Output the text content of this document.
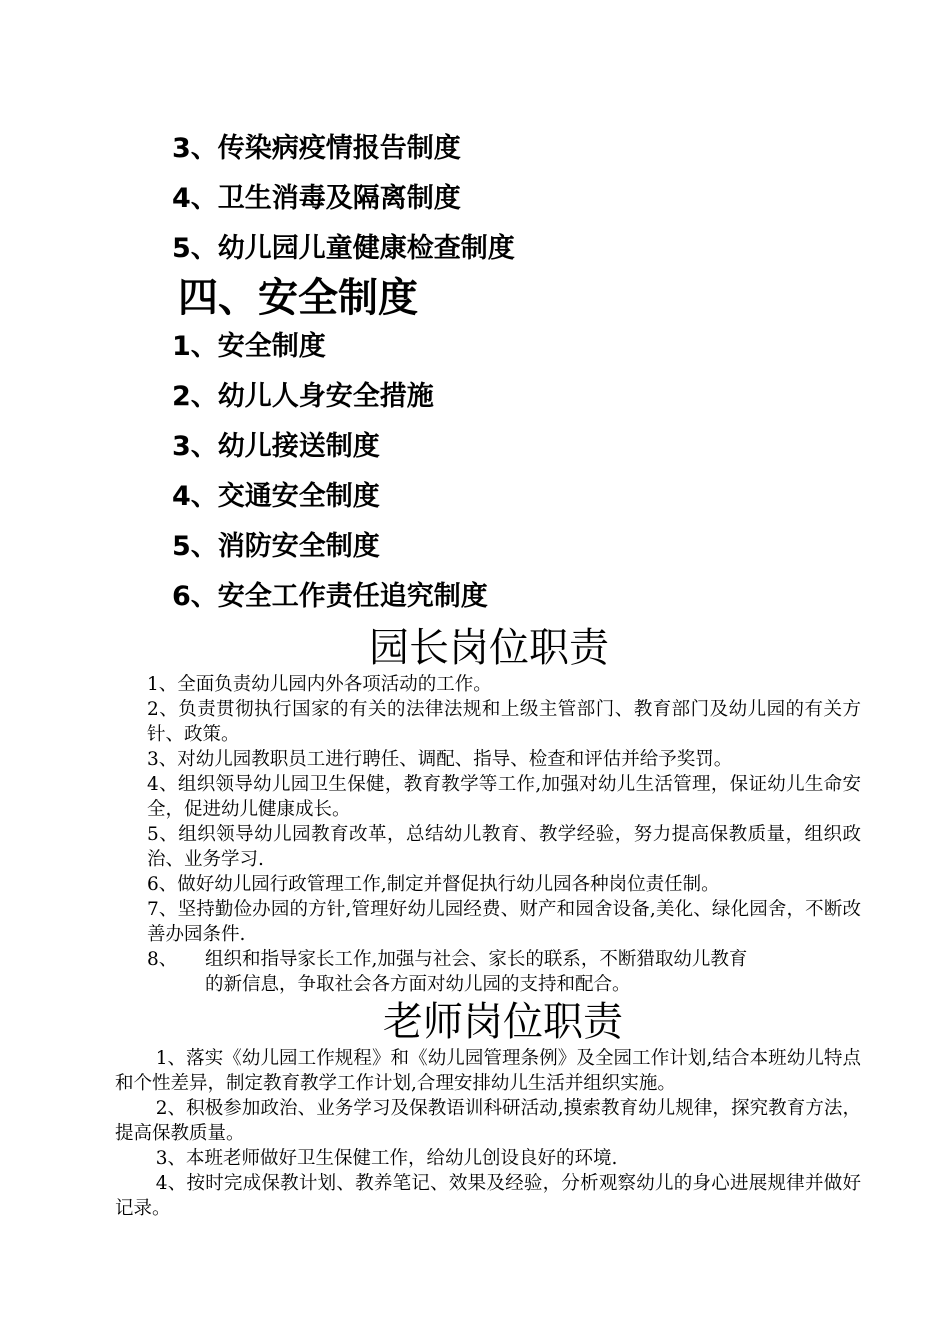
3、传染病疫情报告制度
4、卫生消毒及隔离制度
5、幼儿园儿童健康检查制度
四、安全制度
1、安全制度
2、幼儿人身安全措施
3、幼儿接送制度
4、交通安全制度
5、消防安全制度
6、安全工作责任追究制度
园长岗位职责

1、全面负责幼儿园内外各项活动的工作。

2、负责贯彻执行国家的有关的法律法规和上级主管部门、教育部门及幼儿园的有关方针、政策。

3、对幼儿园教职员工进行聘任、调配、指导、检查和评估并给予奖罚。

4、组织领导幼儿园卫生保健，教育教学等工作,加强对幼儿生活管理，保证幼儿生命安全，促进幼儿健康成长。

5、组织领导幼儿园教育改革，总结幼儿教育、教学经验，努力提高保教质量，组织政治、业务学习.

6、做好幼儿园行政管理工作,制定并督促执行幼儿园各种岗位责任制。

7、坚持勤俭办园的方针,管理好幼儿园经费、财产和园舍设备,美化、绿化园舍，不断改善办园条件.

8、 组织和指导家长工作,加强与社会、家长的联系，不断猎取幼儿教育
的新信息，争取社会各方面对幼儿园的支持和配合。
老师岗位职责

1、落实《幼儿园工作规程》和《幼儿园管理条例》及全园工作计划,结合本班幼儿特点和个性差异，制定教育教学工作计划,合理安排幼儿生活并组织实施。

2、积极参加政治、业务学习及保教语训科研活动,摸索教育幼儿规律，探究教育方法，提高保教质量。

3、本班老师做好卫生保健工作，给幼儿创设良好的环境.

4、按时完成保教计划、教养笔记、效果及经验，分析观察幼儿的身心进展规律并做好记录。
